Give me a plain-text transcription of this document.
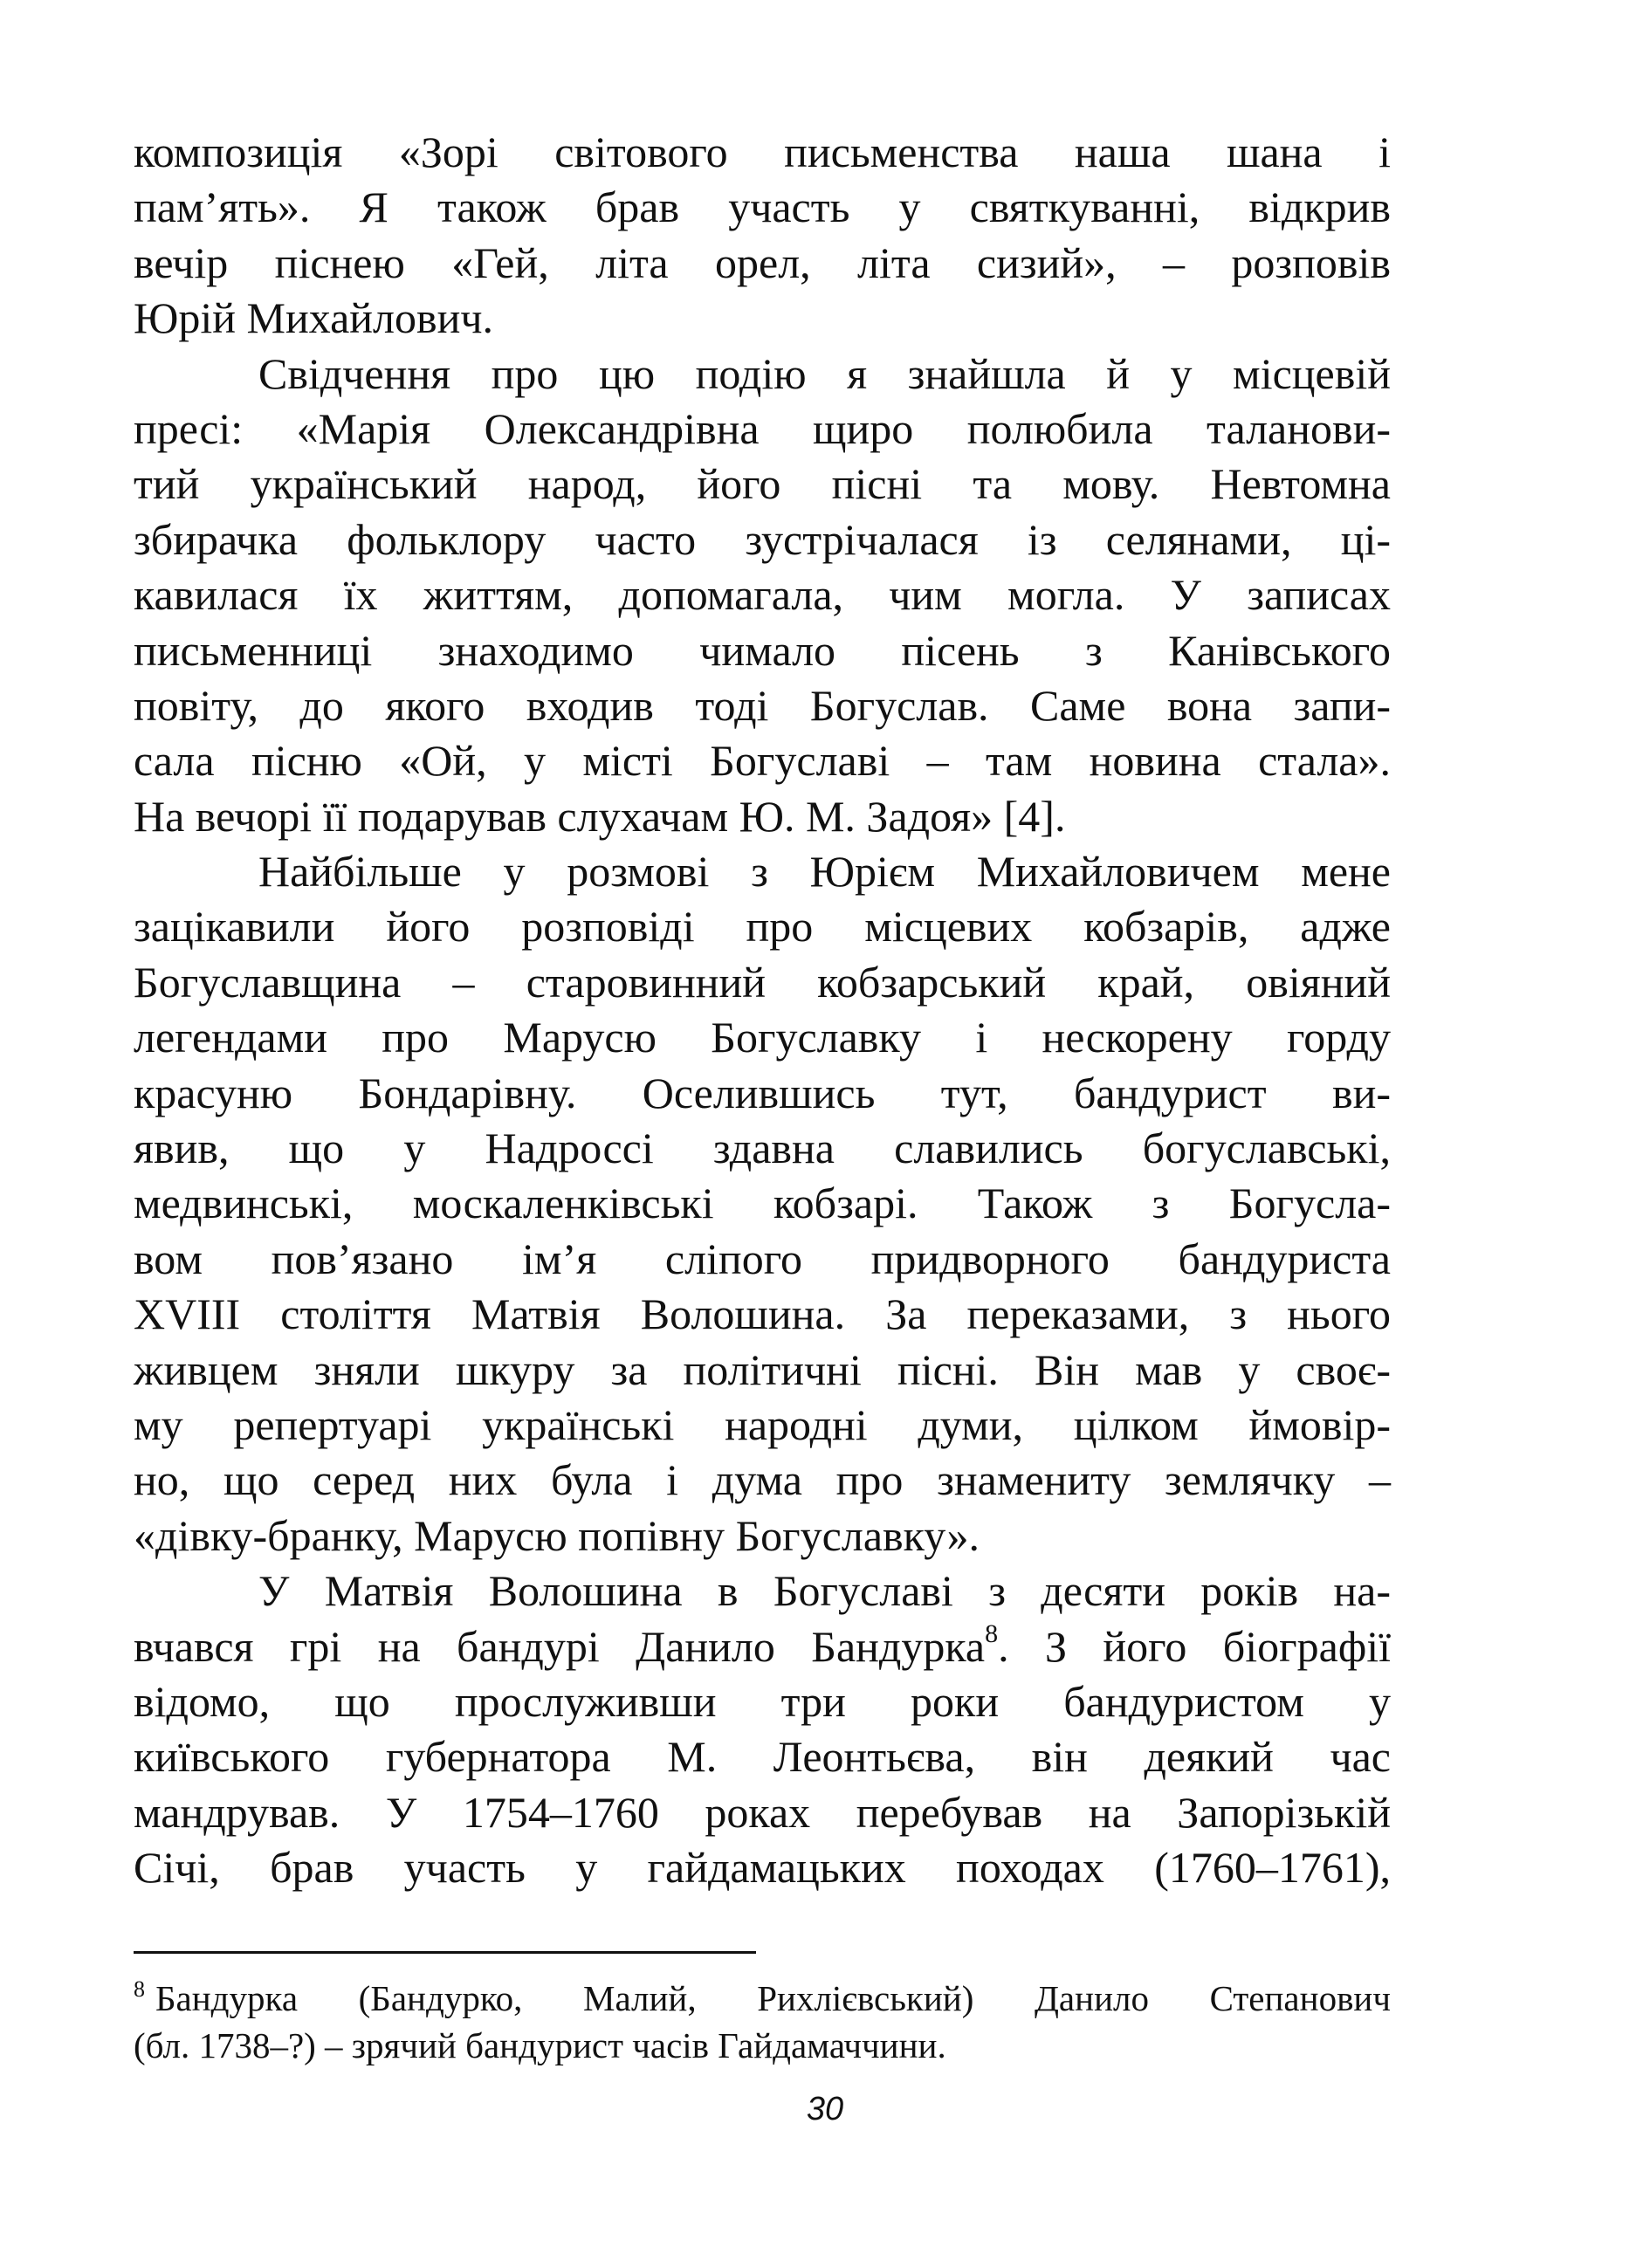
композиція «Зорі світового письменства наша шана і
пам’ять». Я також брав участь у святкуванні, відкрив
вечір піснею «Гей, літа орел, літа сизий», – розповів
Юрій Михайлович.

Свідчення про цю подію я знайшла й у місцевій
пресі: «Марія Олександрівна щиро полюбила таланови-
тий український народ, його пісні та мову. Невтомна
збирачка фольклору часто зустрічалася із селянами, ці-
кавилася їх життям, допомагала, чим могла. У записах
письменниці знаходимо чимало пісень з Канівського
повіту, до якого входив тоді Богуслав. Саме вона запи-
сала пісню «Ой, у місті Богуславі – там новина стала».
На вечорі її подарував слухачам Ю. М. Задоя» [4].

Найбільше у розмові з Юрієм Михайловичем мене
зацікавили його розповіді про місцевих кобзарів, адже
Богуславщина – старовинний кобзарський край, овіяний
легендами про Марусю Богуславку і нескорену горду
красуню Бондарівну. Оселившись тут, бандурист ви-
явив, що у Надроссі здавна славились богуславські,
медвинські, москаленківські кобзарі. Також з Богусла-
вом пов’язано ім’я сліпого придворного бандуриста
XVIII століття Матвія Волошина. За переказами, з нього
живцем зняли шкуру за політичні пісні. Він мав у своє-
му репертуарі українські народні думи, цілком ймовір-
но, що серед них була і дума про знамениту землячку –
«дівку-бранку, Марусю попівну Богуславку».

У Матвія Волошина в Богуславі з десяти років на-
вчався грі на бандурі Данило Бандурка$^8$. З його біографії
відомо, що прослуживши три роки бандуристом у
київського губернатора М. Леонтьєва, він деякий час
мандрував. У 1754–1760 роках перебував на Запорізькій
Січі, брав участь у гайдамацьких походах (1760–1761),

$^8$ Бандурка (Бандурко, Малий, Рихлієвський) Данило Степанович
(бл. 1738–?) – зрячий бандурист часів Гайдамаччини.
30
